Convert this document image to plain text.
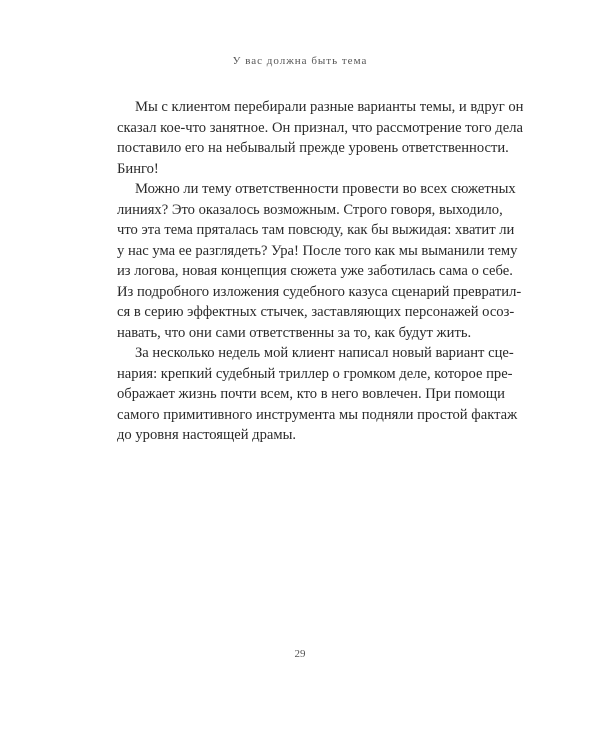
У вас должна быть тема
Мы с клиентом перебирали разные варианты темы, и вдруг он
сказал кое-что занятное. Он признал, что рассмотрение того дела
поставило его на небывалый прежде уровень ответственности.
Бинго!
Можно ли тему ответственности провести во всех сюжетных
линиях? Это оказалось возможным. Строго говоря, выходило,
что эта тема пряталась там повсюду, как бы выжидая: хватит ли
у нас ума ее разглядеть? Ура! После того как мы выманили тему
из логова, новая концепция сюжета уже заботилась сама о себе.
Из подробного изложения судебного казуса сценарий превратил-
ся в серию эффектных стычек, заставляющих персонажей осоз-
навать, что они сами ответственны за то, как будут жить.
За несколько недель мой клиент написал новый вариант сце-
нария: крепкий судебный триллер о громком деле, которое пре-
ображает жизнь почти всем, кто в него вовлечен. При помощи
самого примитивного инструмента мы подняли простой фактаж
до уровня настоящей драмы.
29
